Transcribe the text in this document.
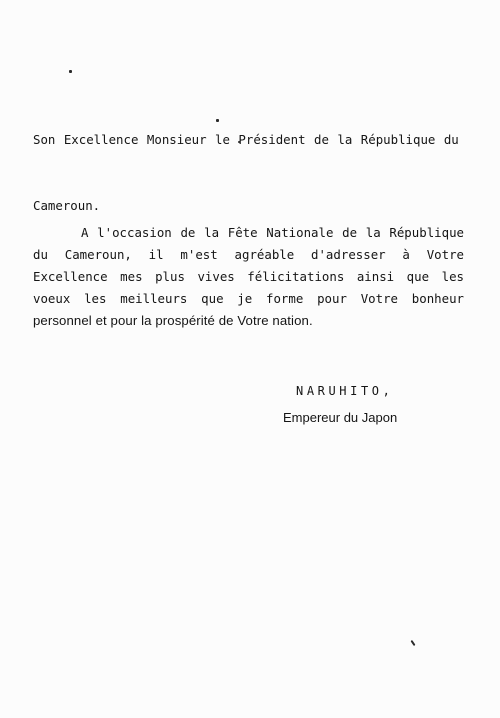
Son Excellence Monsieur le Président de la République du

Cameroun.

A l'occasion de la Fête Nationale de la République
du Cameroun, il m'est agréable d'adresser à Votre
Excellence mes plus vives félicitations ainsi que les
voeux les meilleurs que je forme pour Votre bonheur
personnel et pour la prospérité de Votre nation.
NARUHITO,
Empereur du Japon
